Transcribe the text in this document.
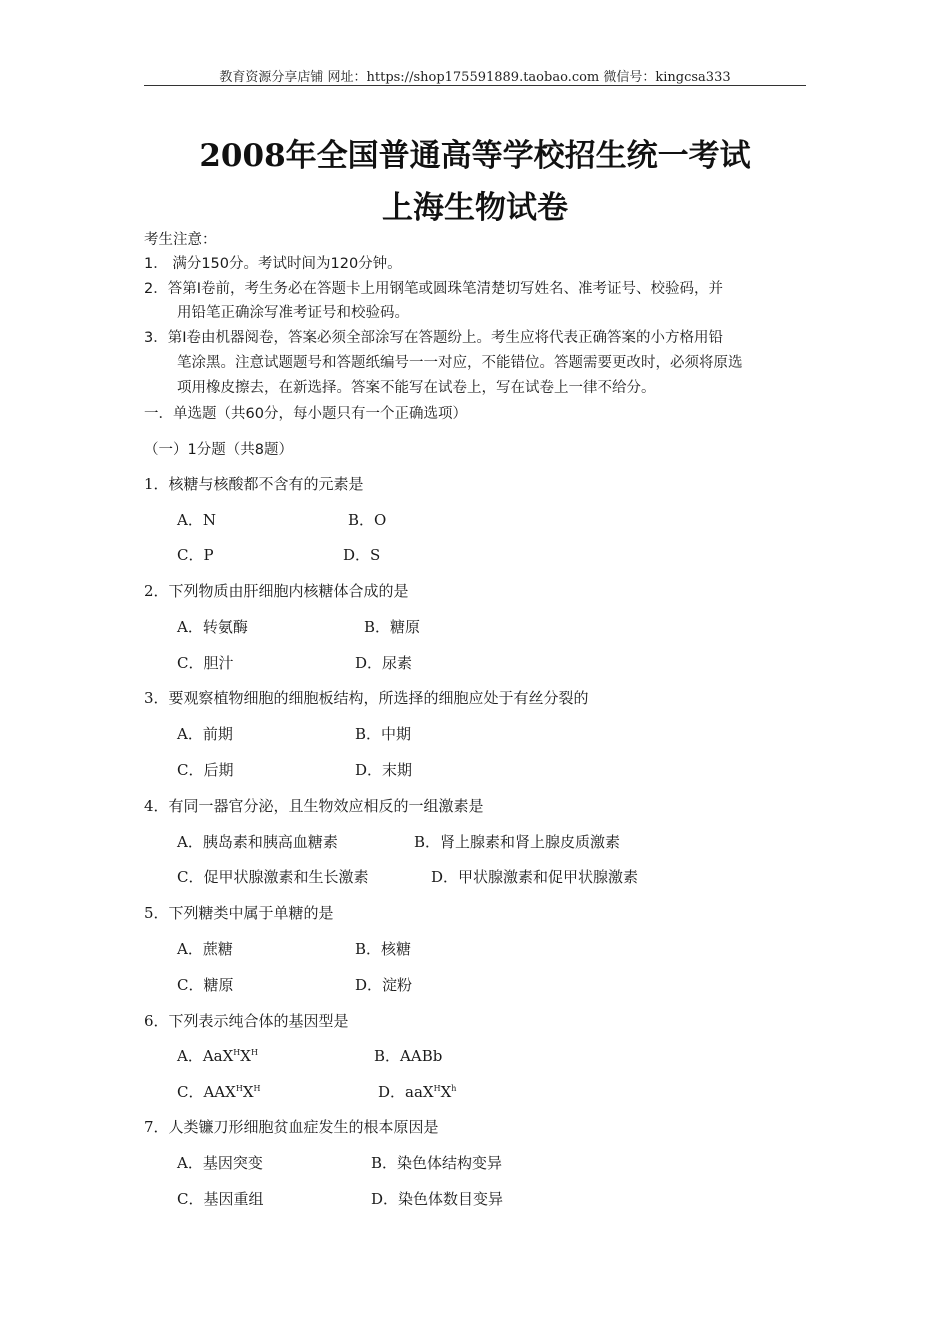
教育资源分享店铺 网址：https://shop175591889.taobao.com 微信号：kingcsa333
2008年全国普通高等学校招生统一考试
上海生物试卷
考生注意：
1． 满分150分。考试时间为120分钟。
2．答第Ⅰ卷前，考生务必在答题卡上用钢笔或圆珠笔清楚切写姓名、准考证号、校验码，并
用铅笔正确涂写准考证号和校验码。
3．第Ⅰ卷由机器阅卷，答案必须全部涂写在答题纷上。考生应将代表正确答案的小方格用铅
笔涂黑。注意试题题号和答题纸编号一一对应，不能错位。答题需要更改时，必须将原选
项用橡皮擦去，在新选择。答案不能写在试卷上，写在试卷上一律不给分。
一．单选题（共60分，每小题只有一个正确选项）
（一）1分题（共8题）
1．核糖与核酸都不含有的元素是
A．N	B．O
C．P	D．S
2．下列物质由肝细胞内核糖体合成的是
A．转氨酶	B．糖原
C．胆汁	D．尿素
3．要观察植物细胞的细胞板结构，所选择的细胞应处于有丝分裂的
A．前期	B．中期
C．后期	D．末期
4．有同一器官分泌，且生物效应相反的一组激素是
A．胰岛素和胰高血糖素	B．肾上腺素和肾上腺皮质激素
C．促甲状腺激素和生长激素	D．甲状腺激素和促甲状腺激素
5．下列糖类中属于单糖的是
A．蔗糖	B．核糖
C．糖原	D．淀粉
6．下列表示纯合体的基因型是
A．$AaX^HX^H$	B．AABb
C．$AAX^HX^H$	D．$aaX^HX^h$
7．人类镰刀形细胞贫血症发生的根本原因是
A．基因突变	B．染色体结构变异
C．基因重组	D．染色体数目变异
